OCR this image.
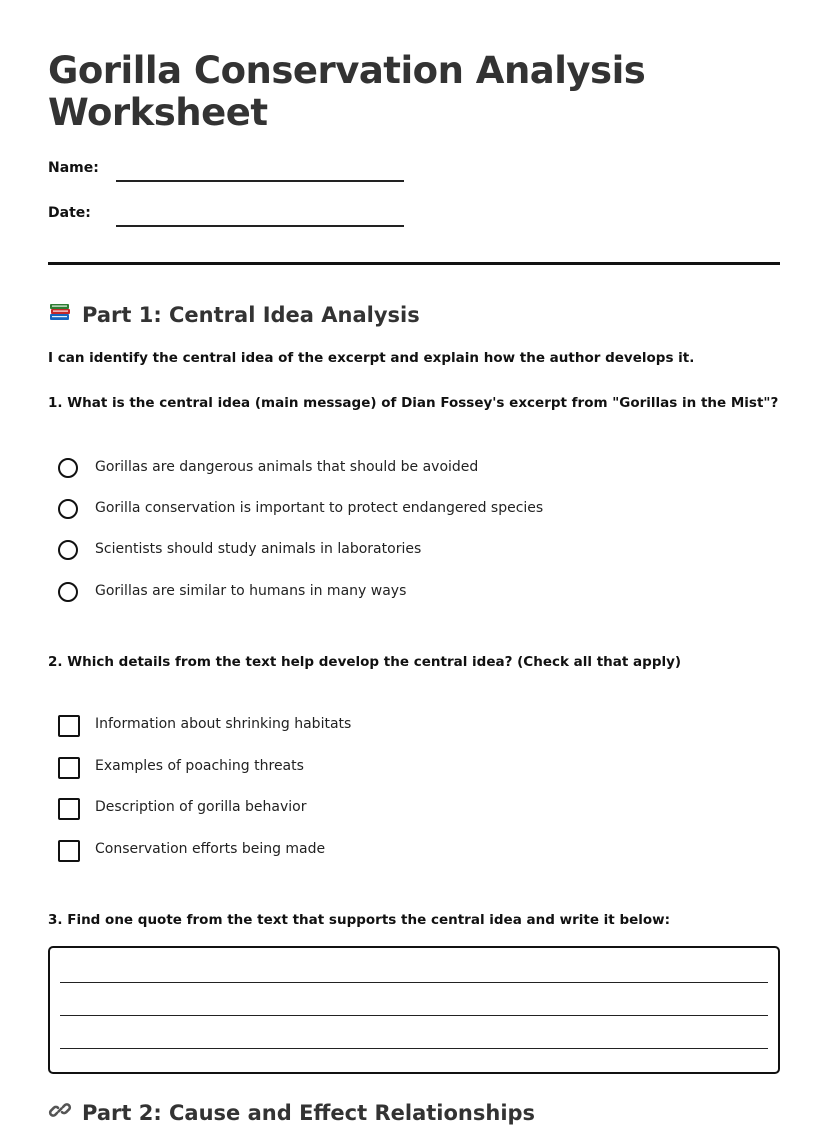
Gorilla Conservation Analysis Worksheet
Name:
Date:
Part 1: Central Idea Analysis

I can identify the central idea of the excerpt and explain how the author develops it.

1. What is the central idea (main message) of Dian Fossey's excerpt from "Gorillas in the Mist"?

Gorillas are dangerous animals that should be avoided
Gorilla conservation is important to protect endangered species
Scientists should study animals in laboratories
Gorillas are similar to humans in many ways

2. Which details from the text help develop the central idea? (Check all that apply)

Information about shrinking habitats
Examples of poaching threats
Description of gorilla behavior
Conservation efforts being made

3. Find one quote from the text that supports the central idea and write it below:

Part 2: Cause and Effect Relationships
